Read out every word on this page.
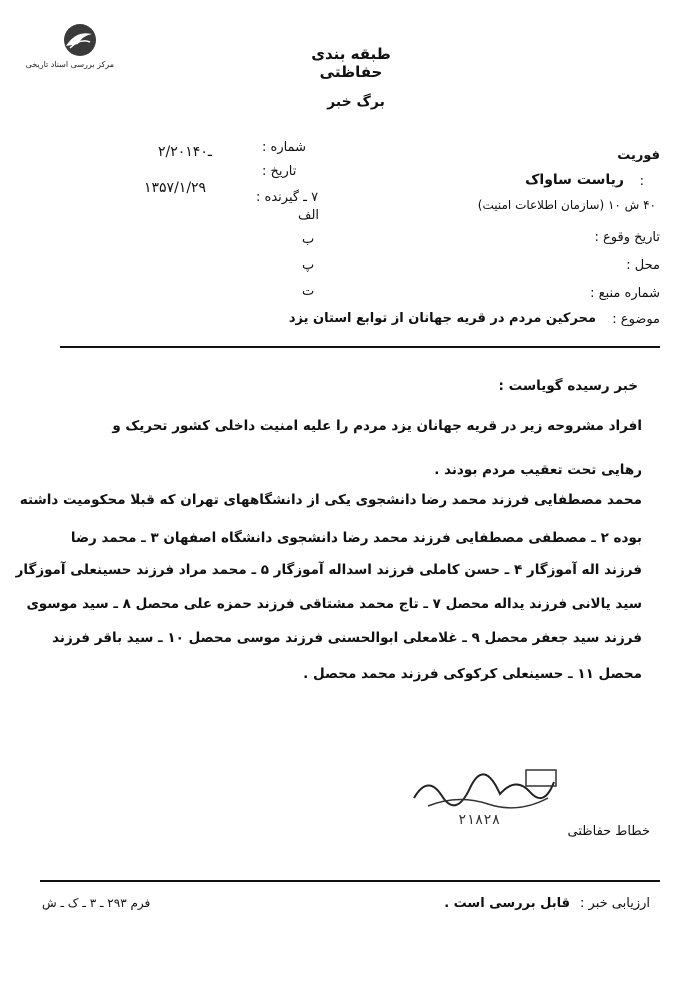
مرکز بررسی اسناد تاریخی
طبقه بندی حفاظتی
برگ خبر
فوریت
:
ریاست ساواک
۴۰ ش ۱۰ (سازمان اطلاعات امنیت)
تاریخ وقوع :
محل :
شماره منبع :
موضوع :
محرکین مردم در قریه جهانان از توابع استان یزد
شماره :
۲/۲۰۱ـ۴۰
تاریخ :
۱۳۵۷/۱/۲۹
۷ ـ گیرنده :
الف
ب
پ
ت
خبر رسیده گویاست :
افراد مشروحه زیر در قریه جهانان یزد مردم را علیه امنیت داخلی کشور تحریک و
رهایی تحت تعقیب مردم بودند .
محمد مصطفایی فرزند محمد رضا دانشجوی یکی از دانشگاههای تهران که قبلا محکومیت داشته
بوده ۲ ـ مصطفی مصطفایی فرزند محمد رضا دانشجوی دانشگاه اصفهان ۳ ـ محمد رضا
فرزند اله آموزگار ۴ ـ حسن کاملی فرزند اسداله آموزگار ۵ ـ محمد مراد فرزند حسینعلی آموزگار
سید یالانی فرزند یداله محصل ۷ ـ تاج محمد مشتاقی فرزند حمزه علی محصل ۸ ـ سید موسوی
فرزند سید جعفر محصل ۹ ـ غلامعلی ابوالحسنی فرزند موسی محصل ۱۰ ـ سید باقر فرزند
محصل ۱۱ ـ حسینعلی کرکوکی فرزند محمد محصل .
۲۱۸۲۸
خطاط حفاظتی
فرم ۲۹۳ ـ ۳ ـ ک ـ ش	ارزیابی خبر :
قابل بررسی است .
